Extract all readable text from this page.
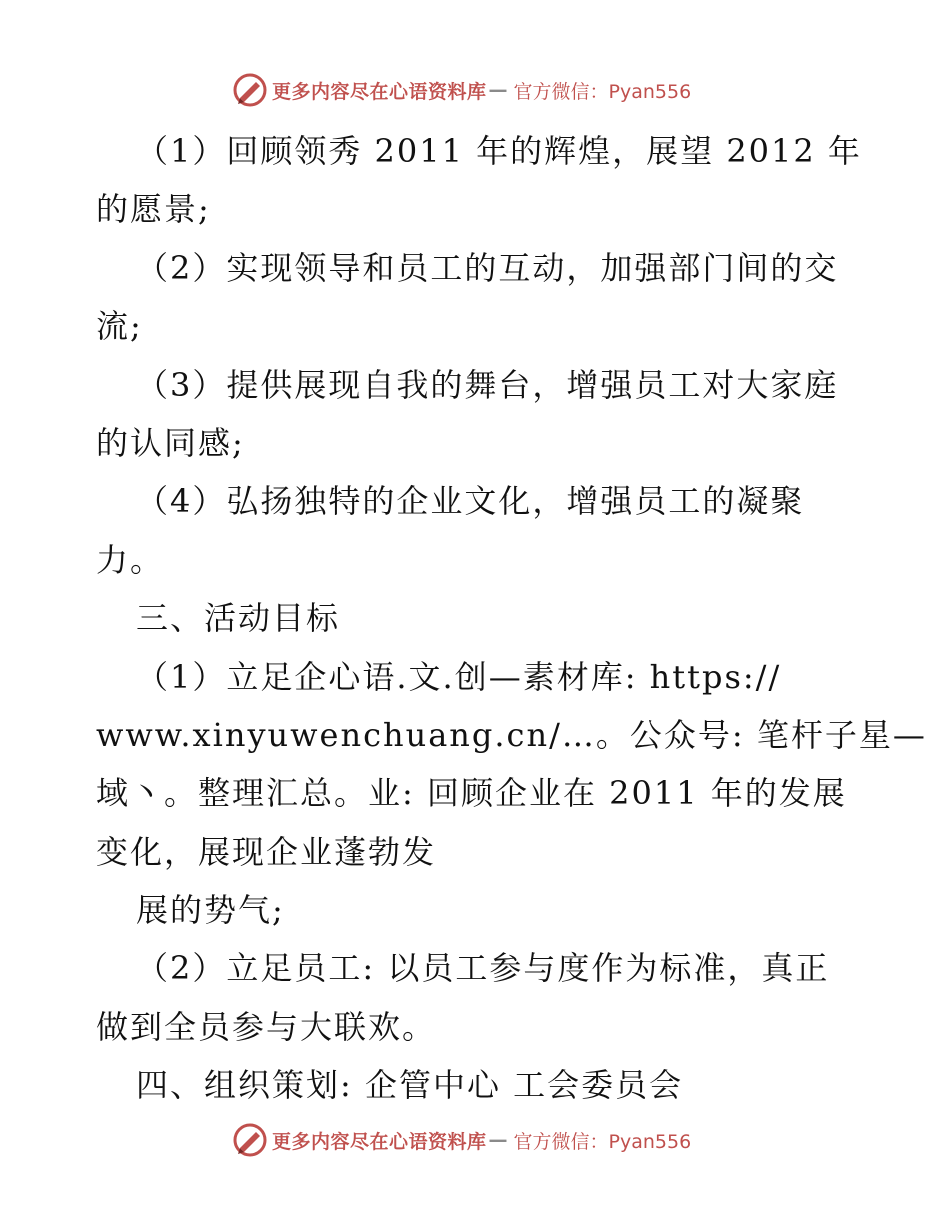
更多内容尽在心语资料库 — 官方微信：Pyan556
（1）回顾领秀 2011 年的辉煌，展望 2012 年
的愿景;
（2）实现领导和员工的互动，加强部门间的交
流;
（3）提供展现自我的舞台，增强员工对大家庭
的认同感;
（4）弘扬独特的企业文化，增强员工的凝聚
力。
三、活动目标
（1）立足企心语.文.创—素材库: https://
www.xinyuwenchuang.cn/…。公众号: 笔杆子星—
域丶。整理汇总。业: 回顾企业在 2011 年的发展
变化，展现企业蓬勃发
展的势气;
（2）立足员工: 以员工参与度作为标准，真正
做到全员参与大联欢。
四、组织策划: 企管中心 工会委员会
更多内容尽在心语资料库 — 官方微信：Pyan556
